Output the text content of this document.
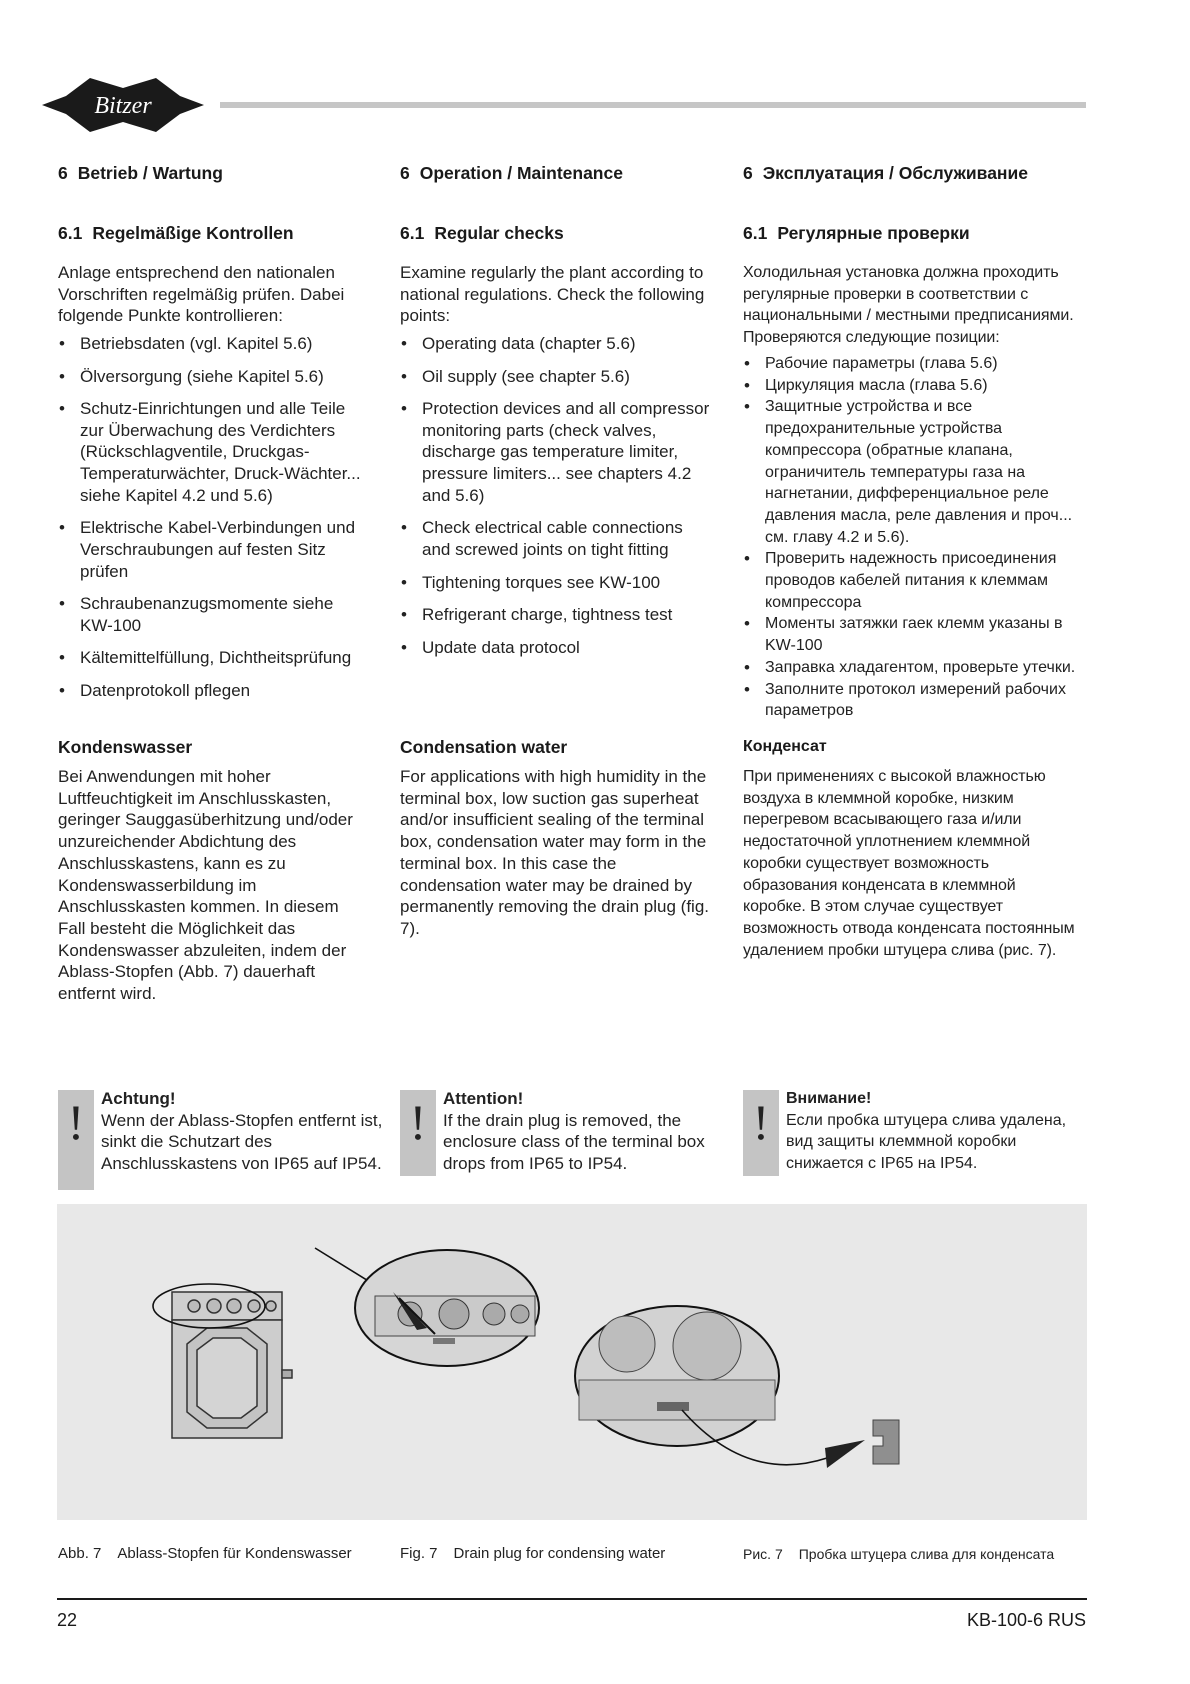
Bitzer
6 Betrieb / Wartung
6.1 Regelmäßige Kontrollen
Anlage entsprechend den nationalen Vorschriften regelmäßig prüfen. Dabei folgende Punkte kontrollieren:
• Betriebsdaten (vgl. Kapitel 5.6)
• Ölversorgung (siehe Kapitel 5.6)
• Schutz-Einrichtungen und alle Teile zur Überwachung des Verdichters (Rückschlagventile, Druckgas-Temperaturwächter, Druck-Wächter... siehe Kapitel 4.2 und 5.6)
• Elektrische Kabel-Verbindungen und Verschraubungen auf festen Sitz prüfen
• Schraubenanzugsmomente siehe KW-100
• Kältemittelfüllung, Dichtheitsprüfung
• Datenprotokoll pflegen
Kondenswasser
Bei Anwendungen mit hoher Luftfeuchtigkeit im Anschlusskasten, geringer Sauggasüberhitzung und/oder unzureichender Abdichtung des Anschlusskastens, kann es zu Kondenswasserbildung im Anschlusskasten kommen. In diesem Fall besteht die Möglichkeit das Kondenswasser abzuleiten, indem der Ablass-Stopfen (Abb. 7) dauerhaft entfernt wird.
! Achtung!
Wenn der Ablass-Stopfen entfernt ist, sinkt die Schutzart des Anschlusskastens von IP65 auf IP54.
Abb. 7 Ablass-Stopfen für Kondenswasser
6 Operation / Maintenance
6.1 Regular checks
Examine regularly the plant according to national regulations. Check the following points:
• Operating data (chapter 5.6)
• Oil supply (see chapter 5.6)
• Protection devices and all compressor monitoring parts (check valves, discharge gas temperature limiter, pressure limiters... see chapters 4.2 and 5.6)
• Check electrical cable connections and screwed joints on tight fitting
• Tightening torques see KW-100
• Refrigerant charge, tightness test
• Update data protocol
Condensation water
For applications with high humidity in the terminal box, low suction gas superheat and/or insufficient sealing of the terminal box, condensation water may form in the terminal box. In this case the condensation water may be drained by permanently removing the drain plug (fig. 7).
! Attention!
If the drain plug is removed, the enclosure class of the terminal box drops from IP65 to IP54.
Fig. 7 Drain plug for condensing water
6 Эксплуатация / Обслуживание
6.1 Регулярные проверки
Холодильная установка должна проходить регулярные проверки в соответствии с национальными / местными предписаниями. Проверяются следующие позиции:
• Рабочие параметры (глава 5.6)
• Циркуляция масла (глава 5.6)
• Защитные устройства и все предохранительные устройства компрессора (обратные клапана, ограничитель температуры газа на нагнетании, дифференциальное реле давления масла, реле давления и проч... см. главу 4.2 и 5.6).
• Проверить надежность присоединения проводов кабелей питания к клеммам компрессора
• Моменты затяжки гаек клемм указаны в KW-100
• Заправка хладагентом, проверьте утечки.
• Заполните протокол измерений рабочих параметров
Конденсат
При применениях с высокой влажностью воздуха в клеммной коробке, низким перегревом всасывающего газа и/или недостаточной уплотнением клеммной коробки существует возможность образования конденсата в клеммной коробке. В этом случае существует возможность отвода конденсата постоянным удалением пробки штуцера слива (рис. 7).
!	Внимание!
Если пробка штуцера слива удалена, вид защиты клеммной коробки снижается с IP65 на IP54.
Рис. 7 Пробка штуцера слива для конденсата
22	KB-100-6 RUS
